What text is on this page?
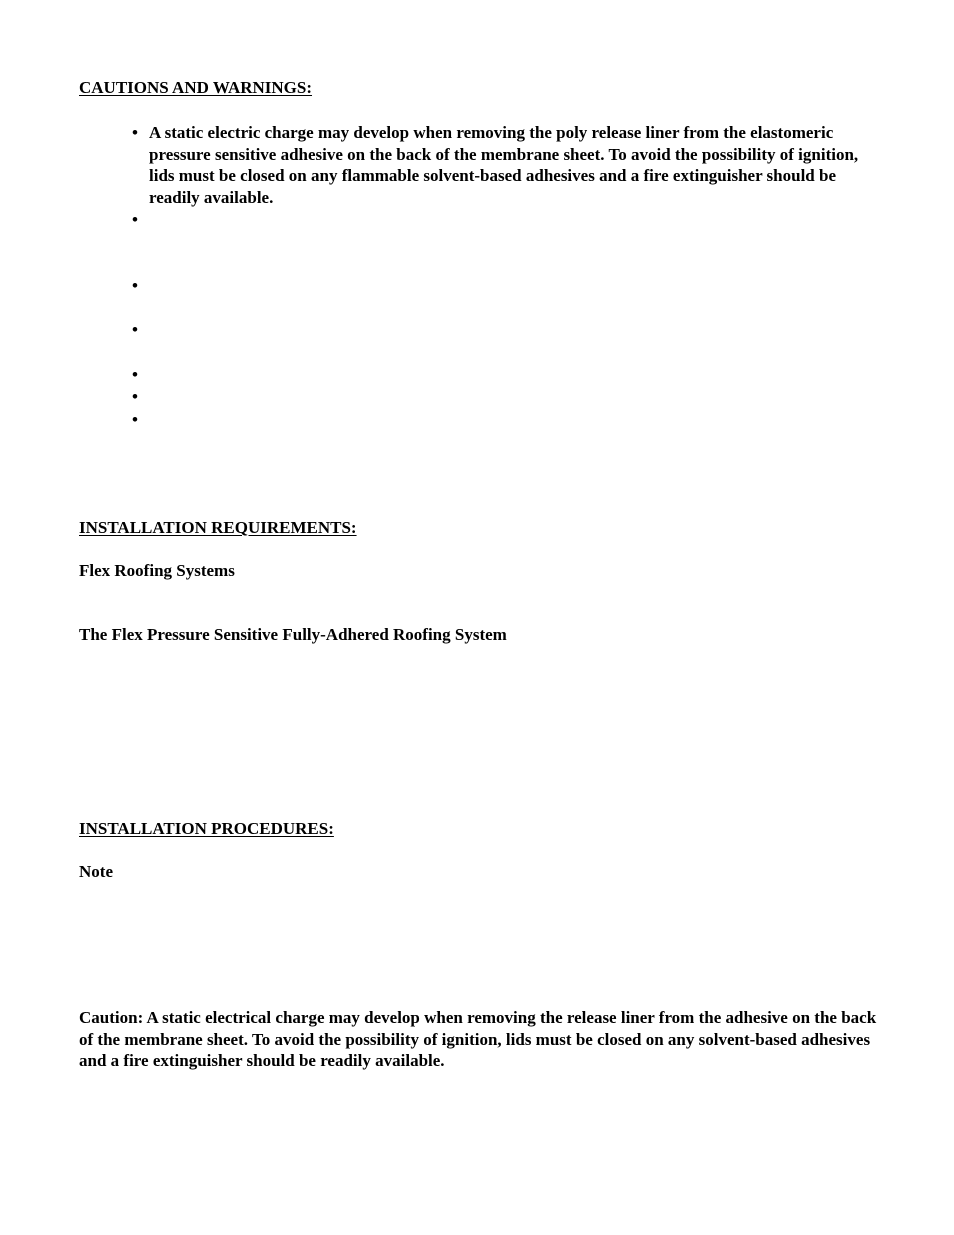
CAUTIONS AND WARNINGS:

• A static electric charge may develop when removing the poly release liner from the elastomeric pressure sensitive adhesive on the back of the membrane sheet. To avoid the possibility of ignition, lids must be closed on any flammable solvent-based adhesives and a fire extinguisher should be readily available.
•
•
•
•
•
•

INSTALLATION REQUIREMENTS:

Flex Roofing Systems

The Flex Pressure Sensitive Fully-Adhered Roofing System

INSTALLATION PROCEDURES:

Note

Caution: A static electrical charge may develop when removing the release liner from the adhesive on the back of the membrane sheet. To avoid the possibility of ignition, lids must be closed on any solvent-based adhesives and a fire extinguisher should be readily available.
